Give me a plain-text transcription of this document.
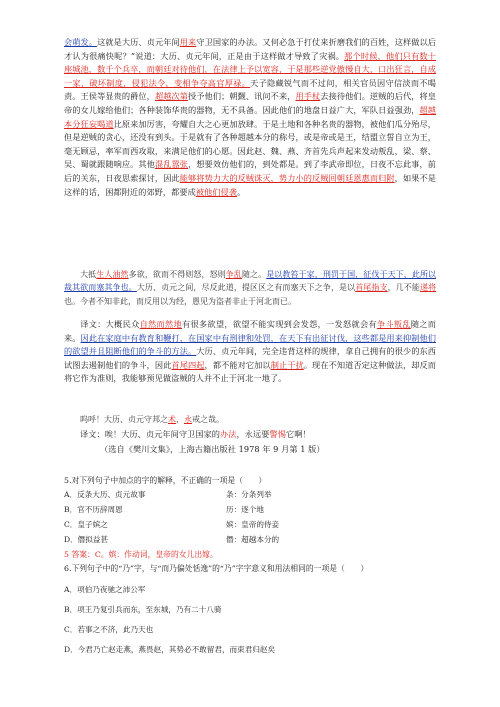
会萌发。这就是大历、贞元年间用来守卫国家的办法。又何必急于打仗来折磨我们的百姓，这样做以后才认为很痛快呢？”说道：大历、贞元年间，正是由于这样做才导致了灾祸。那个时候，他们只有数十座城池，数千个兵卒，而朝廷对待他们，在法律上予以宽容，于是那些逆党傲慢自大，口出狂言，自成一家，破坏制度，侵犯法令，变相争夺高官厚禄。天子隐藏锐气而不过问，相关官员因守信淡而不喝责。王侯等显贵的爵位，超越次第授予他们；朝觐、讯问不来，用手杖去接待他们。逆贼的后代，将皇帝的女儿嫁给他们；各种装饰华贵的器物，无不具备。因此他们的地盘日益广大，军队日益强劲，超越本分狂妄喝道比原来加厉害，夸耀自大之心更加放肆。于是土地和各种名贵的器物，被他们瓜分殆尽，但是逆贼的贪心，还没有到头。于是就有了各种超越本分的称号，或是帝或是王，结盟立誓自立为王，毫无顾忌，率军而西攻取，来满足他们的心愿。因此赵、魏、燕、齐首先兵声起来发动叛乱，梁、蔡、吴、蜀就跟随响应。其他混乱嚣张，想要效仿他们的，到处都是。到了李武帝即位，日夜不忘此事，前后的关东，日夜思索探讨，因此能够将势力大的反贼诛灭，势力小的反贼回朝廷恩惠而归附，如果不是这样的话，困都附近的郊野，都要成被他们侵袭。
大抵生人油然多欲，欲而不得则怒，怒则争乱随之。是以教笞于家，刑罚于国，征伐于天下，此所以裁其欲而塞其争也。大历、贞元之间，尽反此道，提区区之有而塞天下之争，是以首尾指支，几不能递将也。今者不知非此，而反用以为经，愚见为盗者非止于河北而已。
译文：大概民众自然而然地有很多欲望，欲望不能实现到会发怨，一发怒就会有争斗叛乱随之而来。因此在家庭中有教育和鞭打，在国家中有刑律和处罚，在天下有出征讨伐，这些都是用来抑制他们的欲望并且阻断他们的争斗的方法。大历、贞元年间，完全违背这样的规律，拿自己拥有的很少的东西试图去遏制他们的争斗，因此首尾四起，都不能对它加以制止干扰。现在不知道否定这种做法，却反而将它作为准则，我能够预见做盗贼的人并不止于河北一地了。
呜呼！大历、贞元守邦之术，永戒之哉。
译文：唉！大历、贞元年间守卫国家的办法，永远要警惕它啊！
（选自《樊川文集》，上海古籍出版社 1978 年 9 月第 1 版）
5.对下列句子中加点的字的解释，不正确的一项是（　　）
A．反条大历、贞元故事	条：分条列举
B．官不历辞周恩	历：逐个地
C．皇子嫔之	嫔：皇帝的侍妾
D．僭拟益甚	僭：超越本分的
5 答案：C。嫔：作动词，皇帝的女儿出嫁。
6.下列句子中的“乃”字，与“而乃偏处恬逸”的“乃”字字意义和用法相同的一项是（　　）
A．项伯乃夜驰之沛公军
B．项王乃复引兵而东，至东城，乃有二十八骑
C．若事之不济，此乃天也
D．今君乃亡赵走燕，燕畏赵，其势必不敢留君，而束君归赵矣
